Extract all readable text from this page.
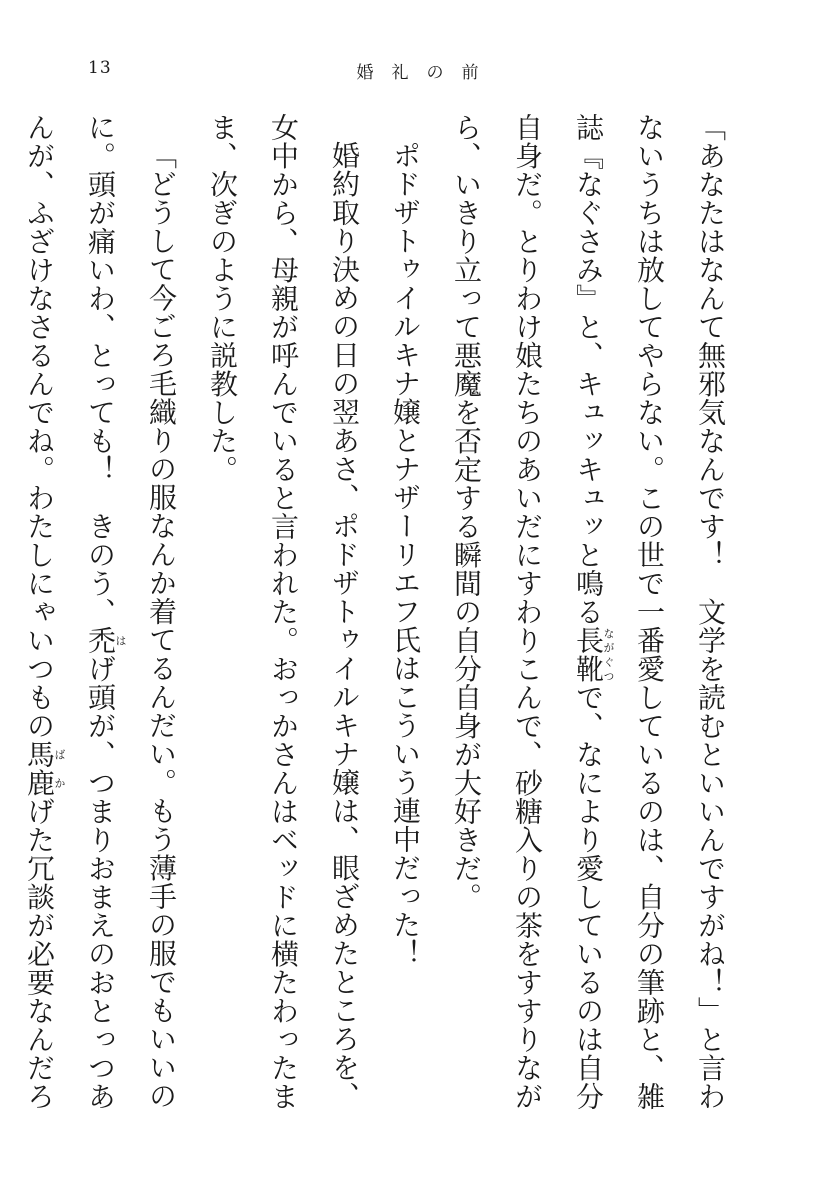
13	婚礼の前

「あなたはなんて無邪気なんです！　文学を読むといいんですがね！」と言わないうちは放してやらない。この世で一番愛しているのは、自分の筆跡と、雑誌『なぐさみ』と、キュッキュッと鳴る長靴ながぐつで、なにより愛しているのは自分自身だ。とりわけ娘たちのあいだにすわりこんで、砂糖入りの茶をすすりながら、いきり立って悪魔を否定する瞬間の自分自身が大好きだ。

ポドザトゥイルキナ嬢とナザーリエフ氏はこういう連中だった！

婚約取り決めの日の翌あさ、ポドザトゥイルキナ嬢は、眼ざめたところを、女中から、母親が呼んでいると言われた。おっかさんはベッドに横たわったまま、次ぎのように説教した。

「どうして今ごろ毛織りの服なんか着てるんだい。もう薄手の服でもいいのに。頭が痛いわ、とっても！　きのう、禿はげ頭が、つまりおまえのおとっつあんが、ふざけなさるんでね。わたしにゃいつもの馬鹿ばかげた冗談が必要なんだろ　
